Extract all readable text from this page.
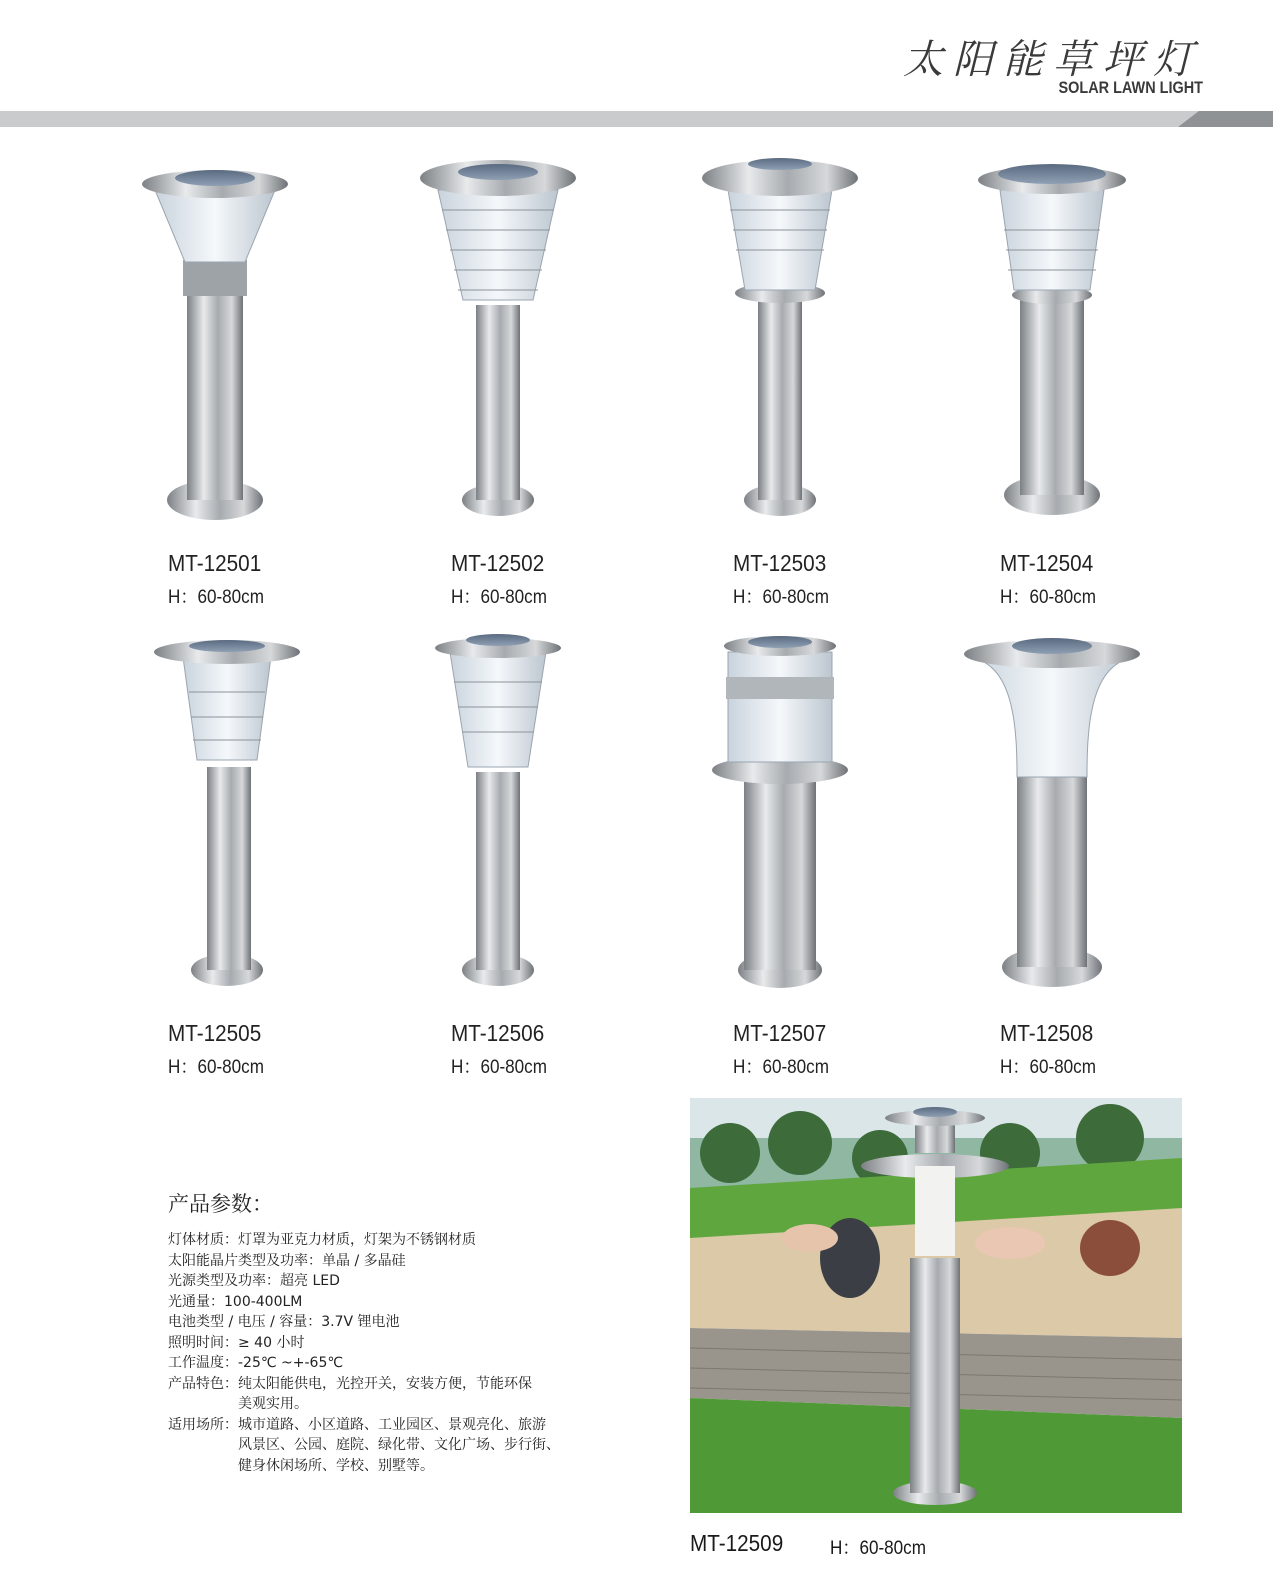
太阳能草坪灯
SOLAR LAWN LIGHT
MT-12501
H：60-80cm
MT-12502
H：60-80cm
MT-12503
H：60-80cm
MT-12504
H：60-80cm
MT-12505
H：60-80cm
MT-12506
H：60-80cm
MT-12507
H：60-80cm
MT-12508
H：60-80cm
产品参数：
灯体材质： 灯罩为亚克力材质，灯架为不锈钢材质
太阳能晶片类型及功率： 单晶 / 多晶硅
光源类型及功率： 超亮 LED
光通量： 100-400LM
电池类型 / 电压 / 容量： 3.7V 锂电池
照明时间： ≥ 40 小时
工作温度： -25℃ ~+-65℃
产品特色： 纯太阳能供电，光控开关，安装方便，节能环保
美观实用。
适用场所： 城市道路、小区道路、工业园区、景观亮化、旅游
风景区、公园、庭院、绿化带、文化广场、步行街、
健身休闲场所、学校、别墅等。
MT-12509 H：60-80cm
